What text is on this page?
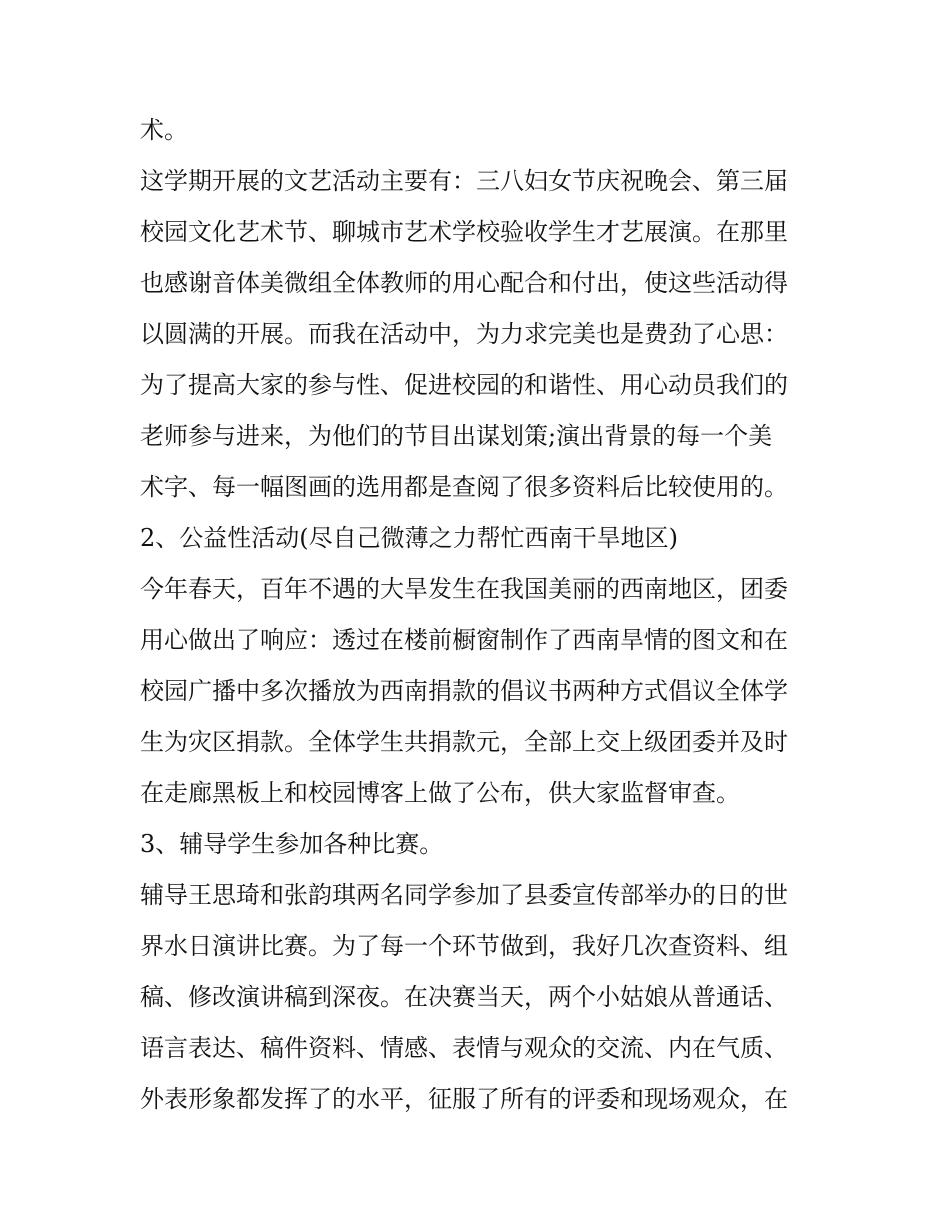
术。
这学期开展的文艺活动主要有：三八妇女节庆祝晚会、第三届
校园文化艺术节、聊城市艺术学校验收学生才艺展演。在那里
也感谢音体美微组全体教师的用心配合和付出，使这些活动得
以圆满的开展。而我在活动中，为力求完美也是费劲了心思：
为了提高大家的参与性、促进校园的和谐性、用心动员我们的
老师参与进来，为他们的节目出谋划策;演出背景的每一个美
术字、每一幅图画的选用都是查阅了很多资料后比较使用的。
2、公益性活动(尽自己微薄之力帮忙西南干旱地区)
今年春天，百年不遇的大旱发生在我国美丽的西南地区，团委
用心做出了响应：透过在楼前橱窗制作了西南旱情的图文和在
校园广播中多次播放为西南捐款的倡议书两种方式倡议全体学
生为灾区捐款。全体学生共捐款元，全部上交上级团委并及时
在走廊黑板上和校园博客上做了公布，供大家监督审查。
3、辅导学生参加各种比赛。
辅导王思琦和张韵琪两名同学参加了县委宣传部举办的日的世
界水日演讲比赛。为了每一个环节做到，我好几次查资料、组
稿、修改演讲稿到深夜。在决赛当天，两个小姑娘从普通话、
语言表达、稿件资料、情感、表情与观众的交流、内在气质、
外表形象都发挥了的水平，征服了所有的评委和现场观众，在
